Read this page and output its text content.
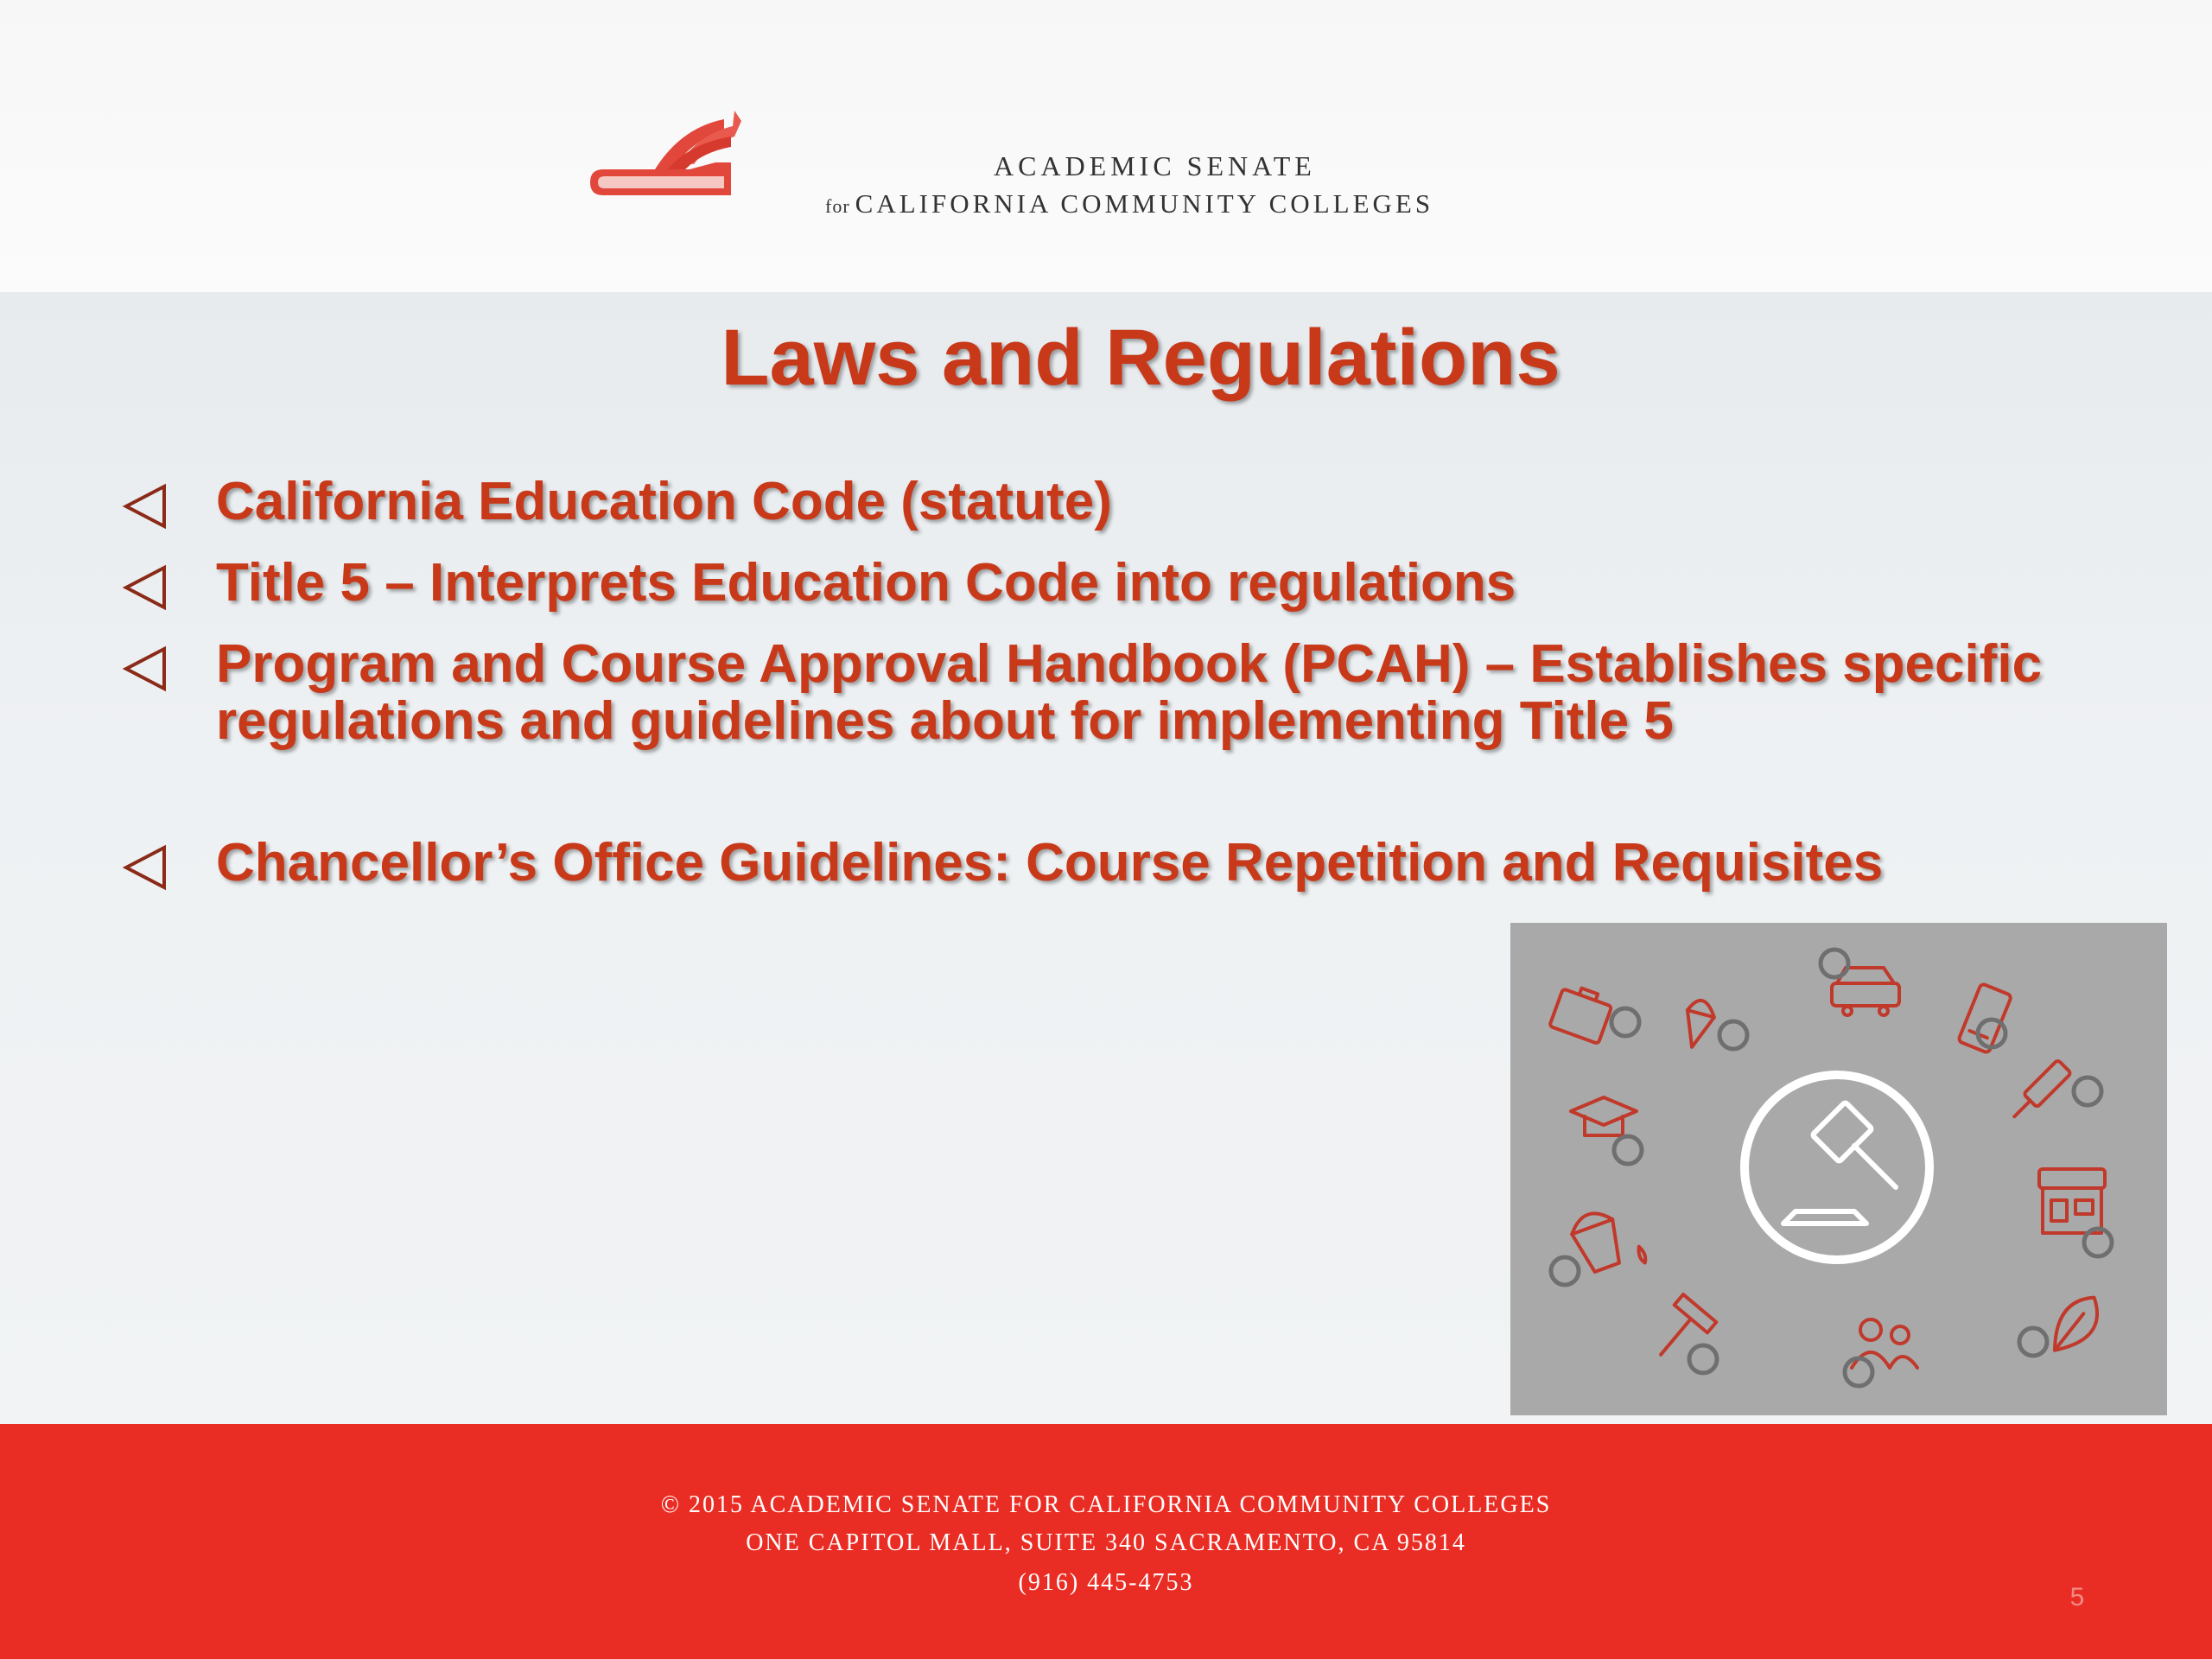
ACADEMIC SENATE
for CALIFORNIA COMMUNITY COLLEGES
Laws and Regulations
California Education Code (statute)
Title 5 – Interprets Education Code into regulations
Program and Course Approval Handbook (PCAH) – Establishes specific regulations and guidelines about for implementing Title 5
Chancellor’s Office Guidelines: Course Repetition and Requisites
© 2015 ACADEMIC SENATE FOR CALIFORNIA COMMUNITY COLLEGES
ONE CAPITOL MALL, SUITE 340 SACRAMENTO, CA 95814
(916) 445-4753
5
